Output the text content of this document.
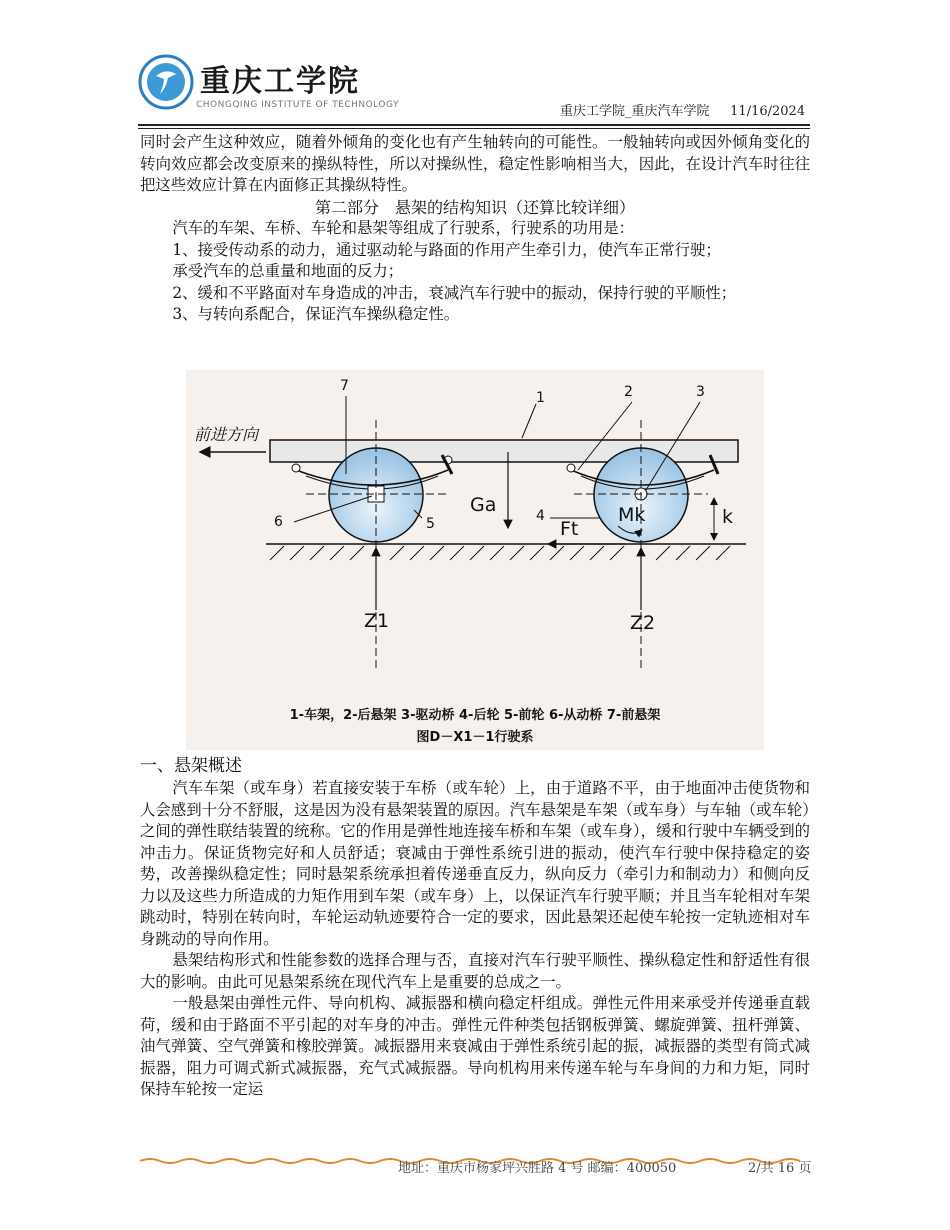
重庆工学院
CHONGQING INSTITUTE OF TECHNOLOGY	重庆工学院_重庆汽车学院     11/16/2024

同时会产生这种效应，随着外倾角的变化也有产生轴转向的可能性。一般轴转向或因外倾角变化的转向效应都会改变原来的操纵特性，所以对操纵性，稳定性影响相当大，因此，在设计汽车时往往把这些效应计算在内面修正其操纵特性。

第二部分　悬架的结构知识（还算比较详细）

汽车的车架、车桥、车轮和悬架等组成了行驶系，行驶系的功用是：

1、接受传动系的动力，通过驱动轮与路面的作用产生牵引力，使汽车正常行驶；

承受汽车的总重量和地面的反力；

2、缓和不平路面对车身造成的冲击，衰减汽车行驶中的振动，保持行驶的平顺性；

3、与转向系配合，保证汽车操纵稳定性。

前进方向
7
1	2	3
4
5
6
Ga
Ft
Mk	k
Z1	Z2
1-车架，2-后悬架 3-驱动桥 4-后轮 5-前轮 6-从动桥 7-前悬架
图D－X1－1行驶系

一、悬架概述

汽车车架（或车身）若直接安装于车桥（或车轮）上，由于道路不平，由于地面冲击使货物和人会感到十分不舒服，这是因为没有悬架装置的原因。汽车悬架是车架（或车身）与车轴（或车轮）之间的弹性联结装置的统称。它的作用是弹性地连接车桥和车架（或车身），缓和行驶中车辆受到的冲击力。保证货物完好和人员舒适；衰减由于弹性系统引进的振动，使汽车行驶中保持稳定的姿势，改善操纵稳定性；同时悬架系统承担着传递垂直反力，纵向反力（牵引力和制动力）和侧向反力以及这些力所造成的力矩作用到车架（或车身）上，以保证汽车行驶平顺；并且当车轮相对车架跳动时，特别在转向时，车轮运动轨迹要符合一定的要求，因此悬架还起使车轮按一定轨迹相对车身跳动的导向作用。

悬架结构形式和性能参数的选择合理与否，直接对汽车行驶平顺性、操纵稳定性和舒适性有很大的影响。由此可见悬架系统在现代汽车上是重要的总成之一。

一般悬架由弹性元件、导向机构、减振器和横向稳定杆组成。弹性元件用来承受并传递垂直载荷，缓和由于路面不平引起的对车身的冲击。弹性元件种类包括钢板弹簧、螺旋弹簧、扭杆弹簧、油气弹簧、空气弹簧和橡胶弹簧。减振器用来衰减由于弹性系统引起的振，减振器的类型有筒式减振器，阻力可调式新式减振器，充气式减振器。导向机构用来传递车轮与车身间的力和力矩，同时保持车轮按一定运

地址：重庆市杨家坪兴胜路 4 号 邮编：400050	2/共 16 页
